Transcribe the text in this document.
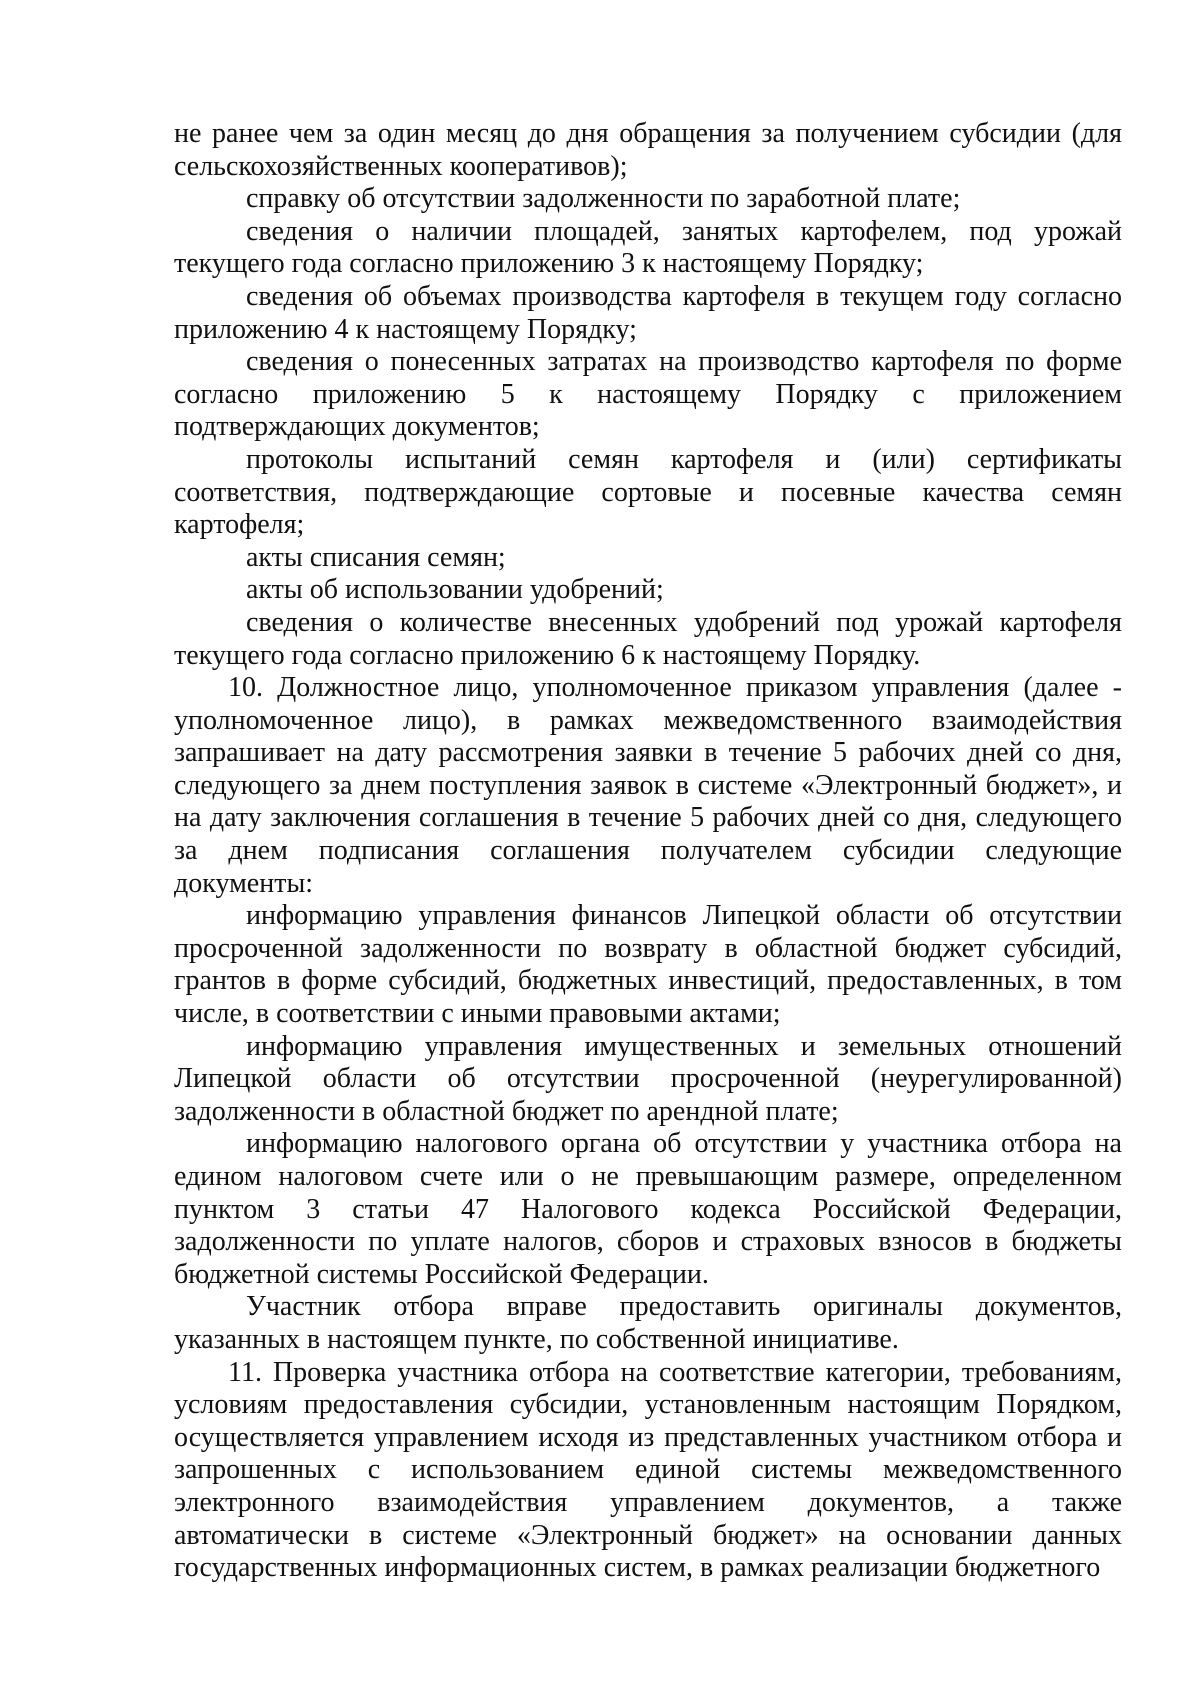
не ранее чем за один месяц до дня обращения за получением субсидии (для сельскохозяйственных кооперативов);

справку об отсутствии задолженности по заработной плате;

сведения о наличии площадей, занятых картофелем, под урожай текущего года согласно приложению 3 к настоящему Порядку;

сведения об объемах производства картофеля в текущем году согласно приложению 4 к настоящему Порядку;

сведения о понесенных затратах на производство картофеля по форме согласно приложению 5 к настоящему Порядку с приложением подтверждающих документов;

протоколы испытаний семян картофеля и (или) сертификаты соответствия, подтверждающие сортовые и посевные качества семян картофеля;

акты списания семян;

акты об использовании удобрений;

сведения о количестве внесенных удобрений под урожай картофеля текущего года согласно приложению 6 к настоящему Порядку.

10. Должностное лицо, уполномоченное приказом управления (далее - уполномоченное лицо), в рамках межведомственного взаимодействия запрашивает на дату рассмотрения заявки в течение 5 рабочих дней со дня, следующего за днем поступления заявок в системе «Электронный бюджет», и на дату заключения соглашения в течение 5 рабочих дней со дня, следующего за днем подписания соглашения получателем субсидии следующие документы:

информацию управления финансов Липецкой области об отсутствии просроченной задолженности по возврату в областной бюджет субсидий, грантов в форме субсидий, бюджетных инвестиций, предоставленных, в том числе, в соответствии с иными правовыми актами;

информацию управления имущественных и земельных отношений Липецкой области об отсутствии просроченной (неурегулированной) задолженности в областной бюджет по арендной плате;

информацию налогового органа об отсутствии у участника отбора на едином налоговом счете или о не превышающим размере, определенном пунктом 3 статьи 47 Налогового кодекса Российской Федерации, задолженности по уплате налогов, сборов и страховых взносов в бюджеты бюджетной системы Российской Федерации.

Участник отбора вправе предоставить оригиналы документов, указанных в настоящем пункте, по собственной инициативе.

11. Проверка участника отбора на соответствие категории, требованиям, условиям предоставления субсидии, установленным настоящим Порядком, осуществляется управлением исходя из представленных участником отбора и запрошенных с использованием единой системы межведомственного электронного взаимодействия управлением документов, а также автоматически в системе «Электронный бюджет» на основании данных государственных информационных систем, в рамках реализации бюджетного
